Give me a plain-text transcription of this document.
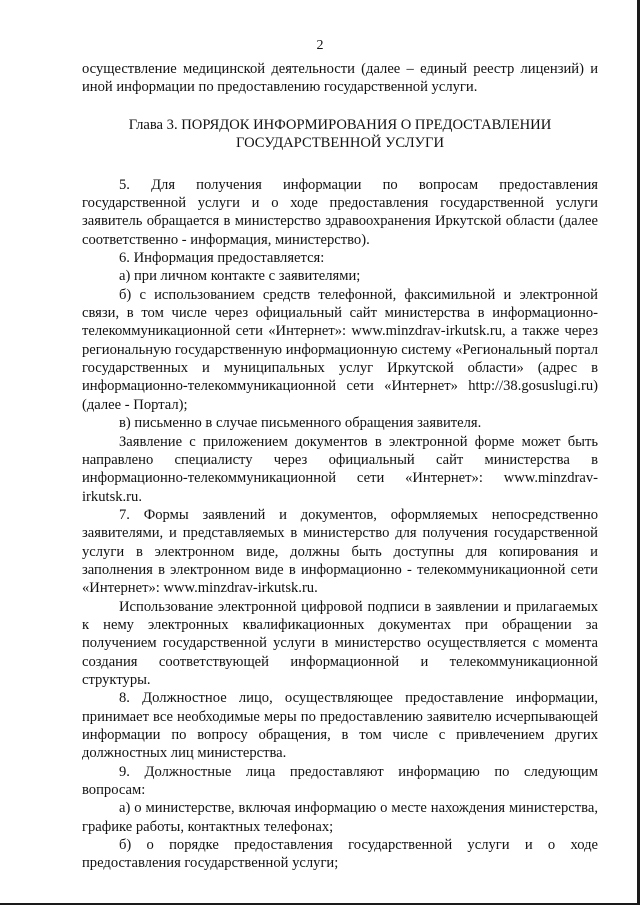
2

осуществление медицинской деятельности (далее – единый реестр лицензий) и иной информации по предоставлению государственной услуги.

Глава 3. ПОРЯДОК ИНФОРМИРОВАНИЯ О ПРЕДОСТАВЛЕНИИ ГОСУДАРСТВЕННОЙ УСЛУГИ

5. Для получения информации по вопросам предоставления государственной услуги и о ходе предоставления государственной услуги заявитель обращается в министерство здравоохранения Иркутской области (далее соответственно - информация, министерство).

6. Информация предоставляется:

а) при личном контакте с заявителями;

б) с использованием средств телефонной, факсимильной и электронной связи, в том числе через официальный сайт министерства в информационно-телекоммуникационной сети «Интернет»: www.minzdrav-irkutsk.ru, а также через региональную государственную информационную систему «Региональный портал государственных и муниципальных услуг Иркутской области» (адрес в информационно-телекоммуникационной сети «Интернет» http://38.gosuslugi.ru) (далее - Портал);

в) письменно в случае письменного обращения заявителя.

Заявление с приложением документов в электронной форме может быть направлено специалисту через официальный сайт министерства в информационно-телекоммуникационной сети «Интернет»: www.minzdrav-irkutsk.ru.

7. Формы заявлений и документов, оформляемых непосредственно заявителями, и представляемых в министерство для получения государственной услуги в электронном виде, должны быть доступны для копирования и заполнения в электронном виде в информационно - телекоммуникационной сети «Интернет»: www.minzdrav-irkutsk.ru.

Использование электронной цифровой подписи в заявлении и прилагаемых к нему электронных квалификационных документах при обращении за получением государственной услуги в министерство осуществляется с момента создания соответствующей информационной и телекоммуникационной структуры.

8. Должностное лицо, осуществляющее предоставление информации, принимает все необходимые меры по предоставлению заявителю исчерпывающей информации по вопросу обращения, в том числе с привлечением других должностных лиц министерства.

9. Должностные лица предоставляют информацию по следующим вопросам:

а) о министерстве, включая информацию о месте нахождения министерства, графике работы, контактных телефонах;

б) о порядке предоставления государственной услуги и о ходе предоставления государственной услуги;
